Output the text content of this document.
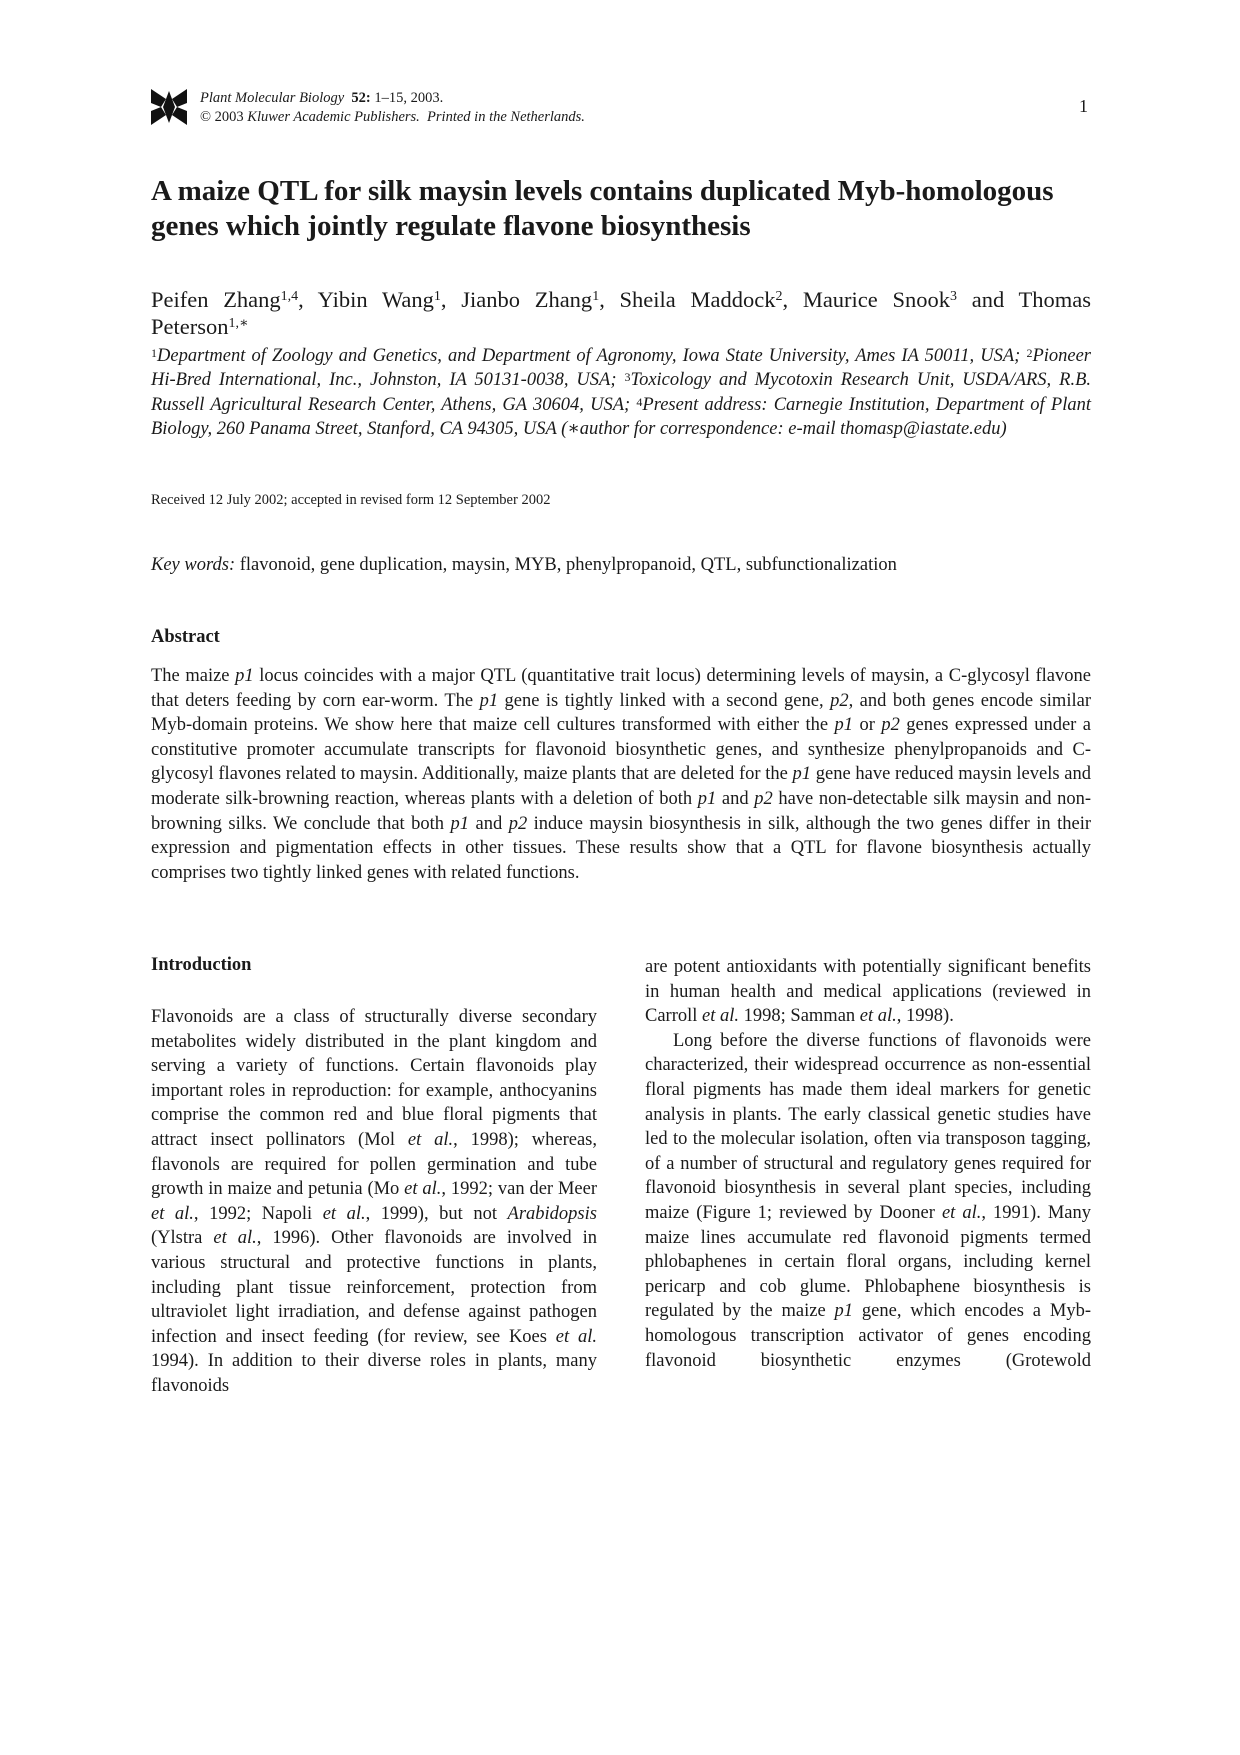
Plant Molecular Biology 52: 1–15, 2003.
© 2003 Kluwer Academic Publishers. Printed in the Netherlands.
1
A maize QTL for silk maysin levels contains duplicated Myb-homologous genes which jointly regulate flavone biosynthesis
Peifen Zhang$^{1,4}$, Yibin Wang$^1$, Jianbo Zhang$^1$, Sheila Maddock$^2$, Maurice Snook$^3$ and Thomas Peterson$^{1,∗}$
$^1$Department of Zoology and Genetics, and Department of Agronomy, Iowa State University, Ames IA 50011, USA; $^2$Pioneer Hi-Bred International, Inc., Johnston, IA 50131-0038, USA; $^3$Toxicology and Mycotoxin Research Unit, USDA/ARS, R.B. Russell Agricultural Research Center, Athens, GA 30604, USA; $^4$Present address: Carnegie Institution, Department of Plant Biology, 260 Panama Street, Stanford, CA 94305, USA (∗author for correspondence: e-mail thomasp@iastate.edu)
Received 12 July 2002; accepted in revised form 12 September 2002
Key words: flavonoid, gene duplication, maysin, MYB, phenylpropanoid, QTL, subfunctionalization
Abstract

The maize p1 locus coincides with a major QTL (quantitative trait locus) determining levels of maysin, a C-glycosyl flavone that deters feeding by corn ear-worm. The p1 gene is tightly linked with a second gene, p2, and both genes encode similar Myb-domain proteins. We show here that maize cell cultures transformed with either the p1 or p2 genes expressed under a constitutive promoter accumulate transcripts for flavonoid biosynthetic genes, and synthesize phenylpropanoids and C-glycosyl flavones related to maysin. Additionally, maize plants that are deleted for the p1 gene have reduced maysin levels and moderate silk-browning reaction, whereas plants with a deletion of both p1 and p2 have non-detectable silk maysin and non-browning silks. We conclude that both p1 and p2 induce maysin biosynthesis in silk, although the two genes differ in their expression and pigmentation effects in other tissues. These results show that a QTL for flavone biosynthesis actually comprises two tightly linked genes with related functions.

Introduction

Flavonoids are a class of structurally diverse secondary metabolites widely distributed in the plant kingdom and serving a variety of functions. Certain flavonoids play important roles in reproduction: for example, anthocyanins comprise the common red and blue floral pigments that attract insect pollinators (Mol et al., 1998); whereas, flavonols are required for pollen germination and tube growth in maize and petunia (Mo et al., 1992; van der Meer et al., 1992; Napoli et al., 1999), but not Arabidopsis (Ylstra et al., 1996). Other flavonoids are involved in various structural and protective functions in plants, including plant tissue reinforcement, protection from ultraviolet light irradiation, and defense against pathogen infection and insect feeding (for review, see Koes et al. 1994). In addition to their diverse roles in plants, many flavonoids

are potent antioxidants with potentially significant benefits in human health and medical applications (reviewed in Carroll et al. 1998; Samman et al., 1998).

Long before the diverse functions of flavonoids were characterized, their widespread occurrence as non-essential floral pigments has made them ideal markers for genetic analysis in plants. The early classical genetic studies have led to the molecular isolation, often via transposon tagging, of a number of structural and regulatory genes required for flavonoid biosynthesis in several plant species, including maize (Figure 1; reviewed by Dooner et al., 1991). Many maize lines accumulate red flavonoid pigments termed phlobaphenes in certain floral organs, including kernel pericarp and cob glume. Phlobaphene biosynthesis is regulated by the maize p1 gene, which encodes a Myb-homologous transcription activator of genes encoding flavonoid biosynthetic enzymes (Grotewold
